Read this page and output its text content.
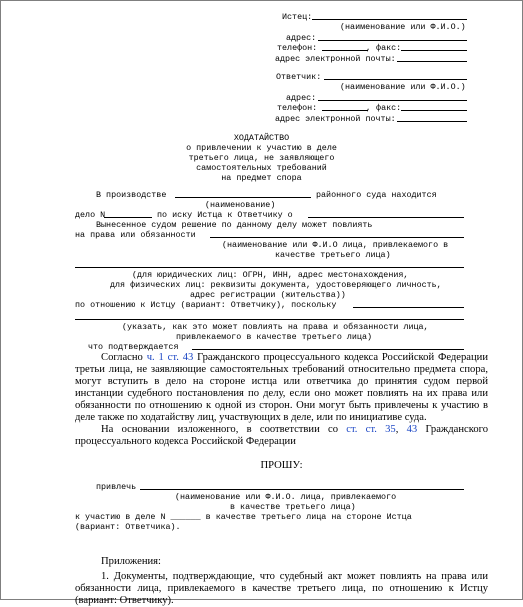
Истец:
(наименование или Ф.И.О.)
адрес:
телефон:	, факс:
адрес электронной почты:
Ответчик:
(наименование или Ф.И.О.)
адрес:
телефон:	, факс:
адрес электронной почты:
ХОДАТАЙСТВО
о привлечении к участию в деле
третьего лица, не заявляющего
самостоятельных требований
на предмет спора
В производстве	районного суда находится
(наименование)
дело N	по иску Истца к Ответчику о
Вынесенное судом решение по данному делу может повлиять
на права или обязанности
(наименование или Ф.И.О лица, привлекаемого в
качестве третьего лица)
(для юридических лиц: ОГРН, ИНН, адрес местонахождения,
для физических лиц: реквизиты документа, удостоверяющего личность,
адрес регистрации (жительства))
по отношению к Истцу (вариант: Ответчику), поскольку
(указать, как это может повлиять на права и обязанности лица,
привлекаемого в качестве третьего лица)
что подтверждается
Согласно ч. 1 ст. 43 Гражданского процессуального кодекса Российской Федерации третьи лица, не заявляющие самостоятельных требований относительно предмета спора, могут вступить в дело на стороне истца или ответчика до принятия судом первой инстанции судебного постановления по делу, если оно может повлиять на их права или обязанности по отношению к одной из сторон. Они могут быть привлечены к участию в деле также по ходатайству лиц, участвующих в деле, или по инициативе суда.
На основании изложенного, в соответствии со ст. ст. 35, 43 Гражданского процессуального кодекса Российской Федерации
ПРОШУ:
привлечь
(наименование или Ф.И.О. лица, привлекаемого
в качестве третьего лица)
к участию в деле N ______ в качестве третьего лица на стороне Истца
(вариант: Ответчика).
Приложения:
1. Документы, подтверждающие, что судебный акт может повлиять на права или обязанности лица, привлекаемого в качестве третьего лица, по отношению к Истцу (вариант: Ответчику).
